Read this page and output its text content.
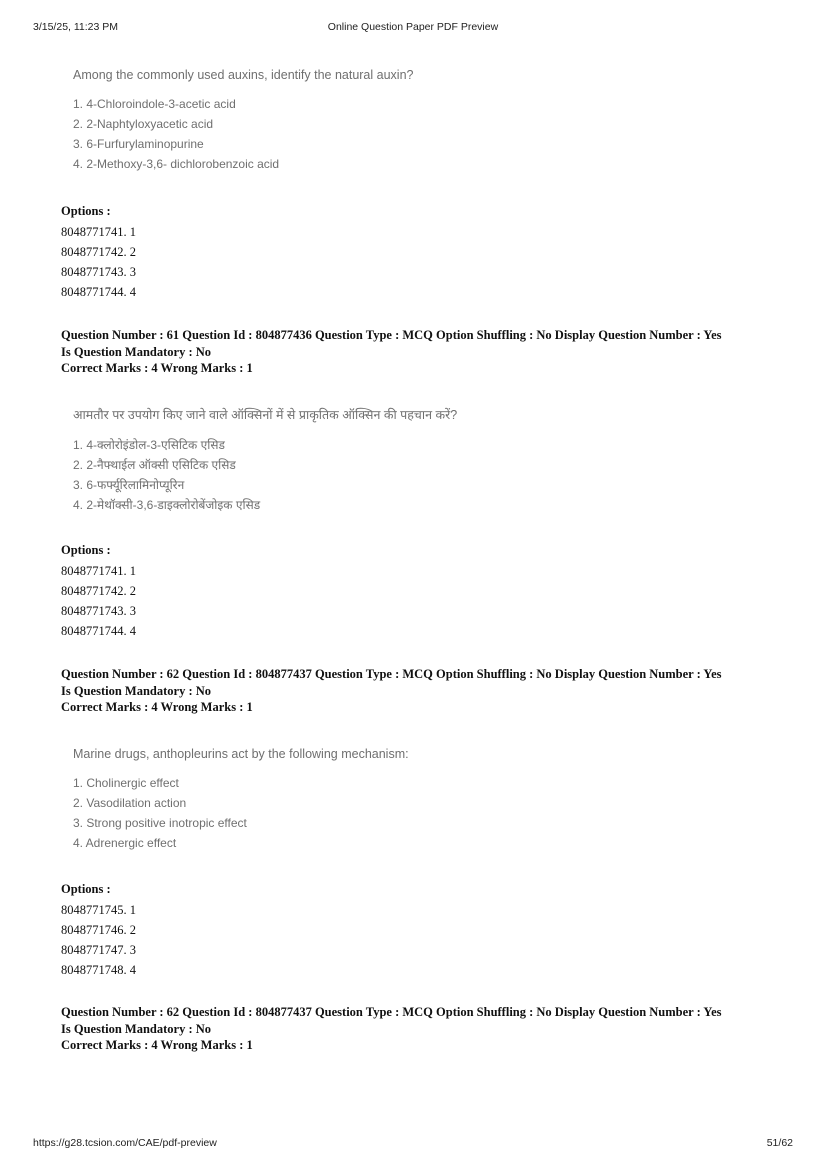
3/15/25, 11:23 PM	Online Question Paper PDF Preview
Among the commonly used auxins, identify the natural auxin?
1. 4-Chloroindole-3-acetic acid
2. 2-Naphtyloxyacetic acid
3. 6-Furfurylaminopurine
4. 2-Methoxy-3,6- dichlorobenzoic acid
Options :
8048771741. 1
8048771742. 2
8048771743. 3
8048771744. 4
Question Number : 61 Question Id : 804877436 Question Type : MCQ Option Shuffling : No Display Question Number : Yes
Is Question Mandatory : No
Correct Marks : 4 Wrong Marks : 1
आमतौर पर उपयोग किए जाने वाले ऑक्सिनों में से प्राकृतिक ऑक्सिन की पहचान करें?
1. 4-क्लोरोइंडोल-3-एसिटिक एसिड
2. 2-नैफ्थाईल ऑक्सी एसिटिक एसिड
3. 6-फर्फ्यूरिलामिनोप्यूरिन
4. 2-मेथॉक्सी-3,6-डाइक्लोरोबेंजोइक एसिड
Options :
8048771741. 1
8048771742. 2
8048771743. 3
8048771744. 4
Question Number : 62 Question Id : 804877437 Question Type : MCQ Option Shuffling : No Display Question Number : Yes
Is Question Mandatory : No
Correct Marks : 4 Wrong Marks : 1
Marine drugs, anthopleurins act by the following mechanism:
1. Cholinergic effect
2. Vasodilation action
3. Strong positive inotropic effect
4. Adrenergic effect
Options :
8048771745. 1
8048771746. 2
8048771747. 3
8048771748. 4
Question Number : 62 Question Id : 804877437 Question Type : MCQ Option Shuffling : No Display Question Number : Yes
Is Question Mandatory : No
Correct Marks : 4 Wrong Marks : 1
https://g28.tcsion.com/CAE/pdf-preview	51/62
